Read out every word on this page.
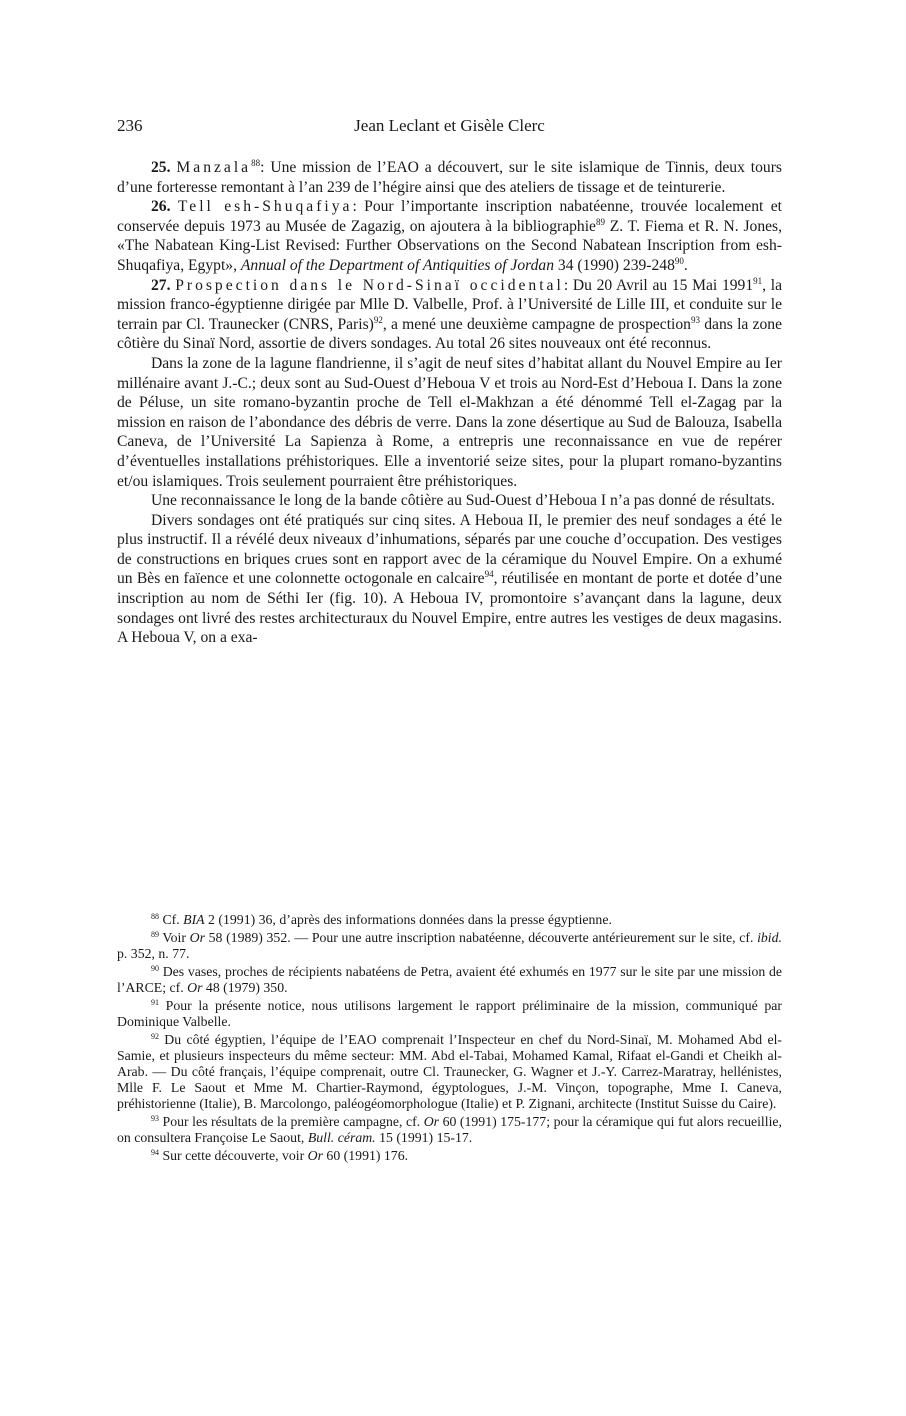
236	Jean Leclant et Gisèle Clerc

25. Manzala$^{88}$: Une mission de l’EAO a découvert, sur le site islamique de Tinnis, deux tours d’une forteresse remontant à l’an 239 de l’hégire ainsi que des ateliers de tissage et de teinturerie.

26. Tell esh-Shuqafiya: Pour l’importante inscription nabatéenne, trouvée localement et conservée depuis 1973 au Musée de Zagazig, on ajoutera à la bibliographie$^{89}$ Z. T. Fiema et R. N. Jones, «The Nabatean King-List Revised: Further Observations on the Second Nabatean Inscription from esh-Shuqafiya, Egypt», Annual of the Department of Antiquities of Jordan 34 (1990) $239-248^{90}$.

27. Prospection dans le Nord-Sinaï occidental: Du 20 Avril au 15 Mai 1991$^{91}$, la mission franco-égyptienne dirigée par Mlle D. Valbelle, Prof. à l’Université de Lille III, et conduite sur le terrain par Cl. Traunecker (CNRS, Paris)$^{92}$, a mené une deuxième campagne de prospection$^{93}$ dans la zone côtière du Sinaï Nord, assortie de divers sondages. Au total 26 sites nouveaux ont été reconnus.

Dans la zone de la lagune flandrienne, il s’agit de neuf sites d’habitat allant du Nouvel Empire au Ier millénaire avant J.-C.; deux sont au Sud-Ouest d’Heboua V et trois au Nord-Est d’Heboua I. Dans la zone de Péluse, un site romano-byzantin proche de Tell el-Makhzan a été dénommé Tell el-Zagag par la mission en raison de l’abondance des débris de verre. Dans la zone désertique au Sud de Balouza, Isabella Caneva, de l’Université La Sapienza à Rome, a entrepris une reconnaissance en vue de repérer d’éventuelles installations préhistoriques. Elle a inventorié seize sites, pour la plupart romano-byzantins et/ou islamiques. Trois seulement pourraient être préhistoriques.

Une reconnaissance le long de la bande côtière au Sud-Ouest d’Heboua I n’a pas donné de résultats.

Divers sondages ont été pratiqués sur cinq sites. A Heboua II, le premier des neuf sondages a été le plus instructif. Il a révélé deux niveaux d’inhumations, séparés par une couche d’occupation. Des vestiges de constructions en briques crues sont en rapport avec de la céramique du Nouvel Empire. On a exhumé un Bès en faïence et une colonnette octogonale en calcaire$^{94}$, réutilisée en montant de porte et dotée d’une inscription au nom de Séthi Ier (fig. 10). A Heboua IV, promontoire s’avançant dans la lagune, deux sondages ont livré des restes architecturaux du Nouvel Empire, entre autres les vestiges de deux magasins. A Heboua V, on a exa-

$^{88}$ Cf. BIA 2 (1991) 36, d’après des informations données dans la presse égyptienne.

$^{89}$ Voir Or 58 (1989) 352. — Pour une autre inscription nabatéenne, découverte antérieurement sur le site, cf. ibid. p. 352, n. 77.

$^{90}$ Des vases, proches de récipients nabatéens de Petra, avaient été exhumés en 1977 sur le site par une mission de l’ARCE; cf. Or 48 (1979) 350.

$^{91}$ Pour la présente notice, nous utilisons largement le rapport préliminaire de la mission, communiqué par Dominique Valbelle.

$^{92}$ Du côté égyptien, l’équipe de l’EAO comprenait l’Inspecteur en chef du Nord-Sinaï, M. Mohamed Abd el-Samie, et plusieurs inspecteurs du même secteur: MM. Abd el-Tabai, Mohamed Kamal, Rifaat el-Gandi et Cheikh al-Arab. — Du côté français, l’équipe comprenait, outre Cl. Traunecker, G. Wagner et J.-Y. Carrez-Maratray, hellénistes, Mlle F. Le Saout et Mme M. Chartier-Raymond, égyptologues, J.-M. Vinçon, topographe, Mme I. Caneva, préhistorienne (Italie), B. Marcolongo, paléogéomorphologue (Italie) et P. Zignani, architecte (Institut Suisse du Caire).

$^{93}$ Pour les résultats de la première campagne, cf. Or 60 (1991) 175-177; pour la céramique qui fut alors recueillie, on consultera Françoise Le Saout, Bull. céram. 15 (1991) 15-17.

$^{94}$ Sur cette découverte, voir Or 60 (1991) 176.
